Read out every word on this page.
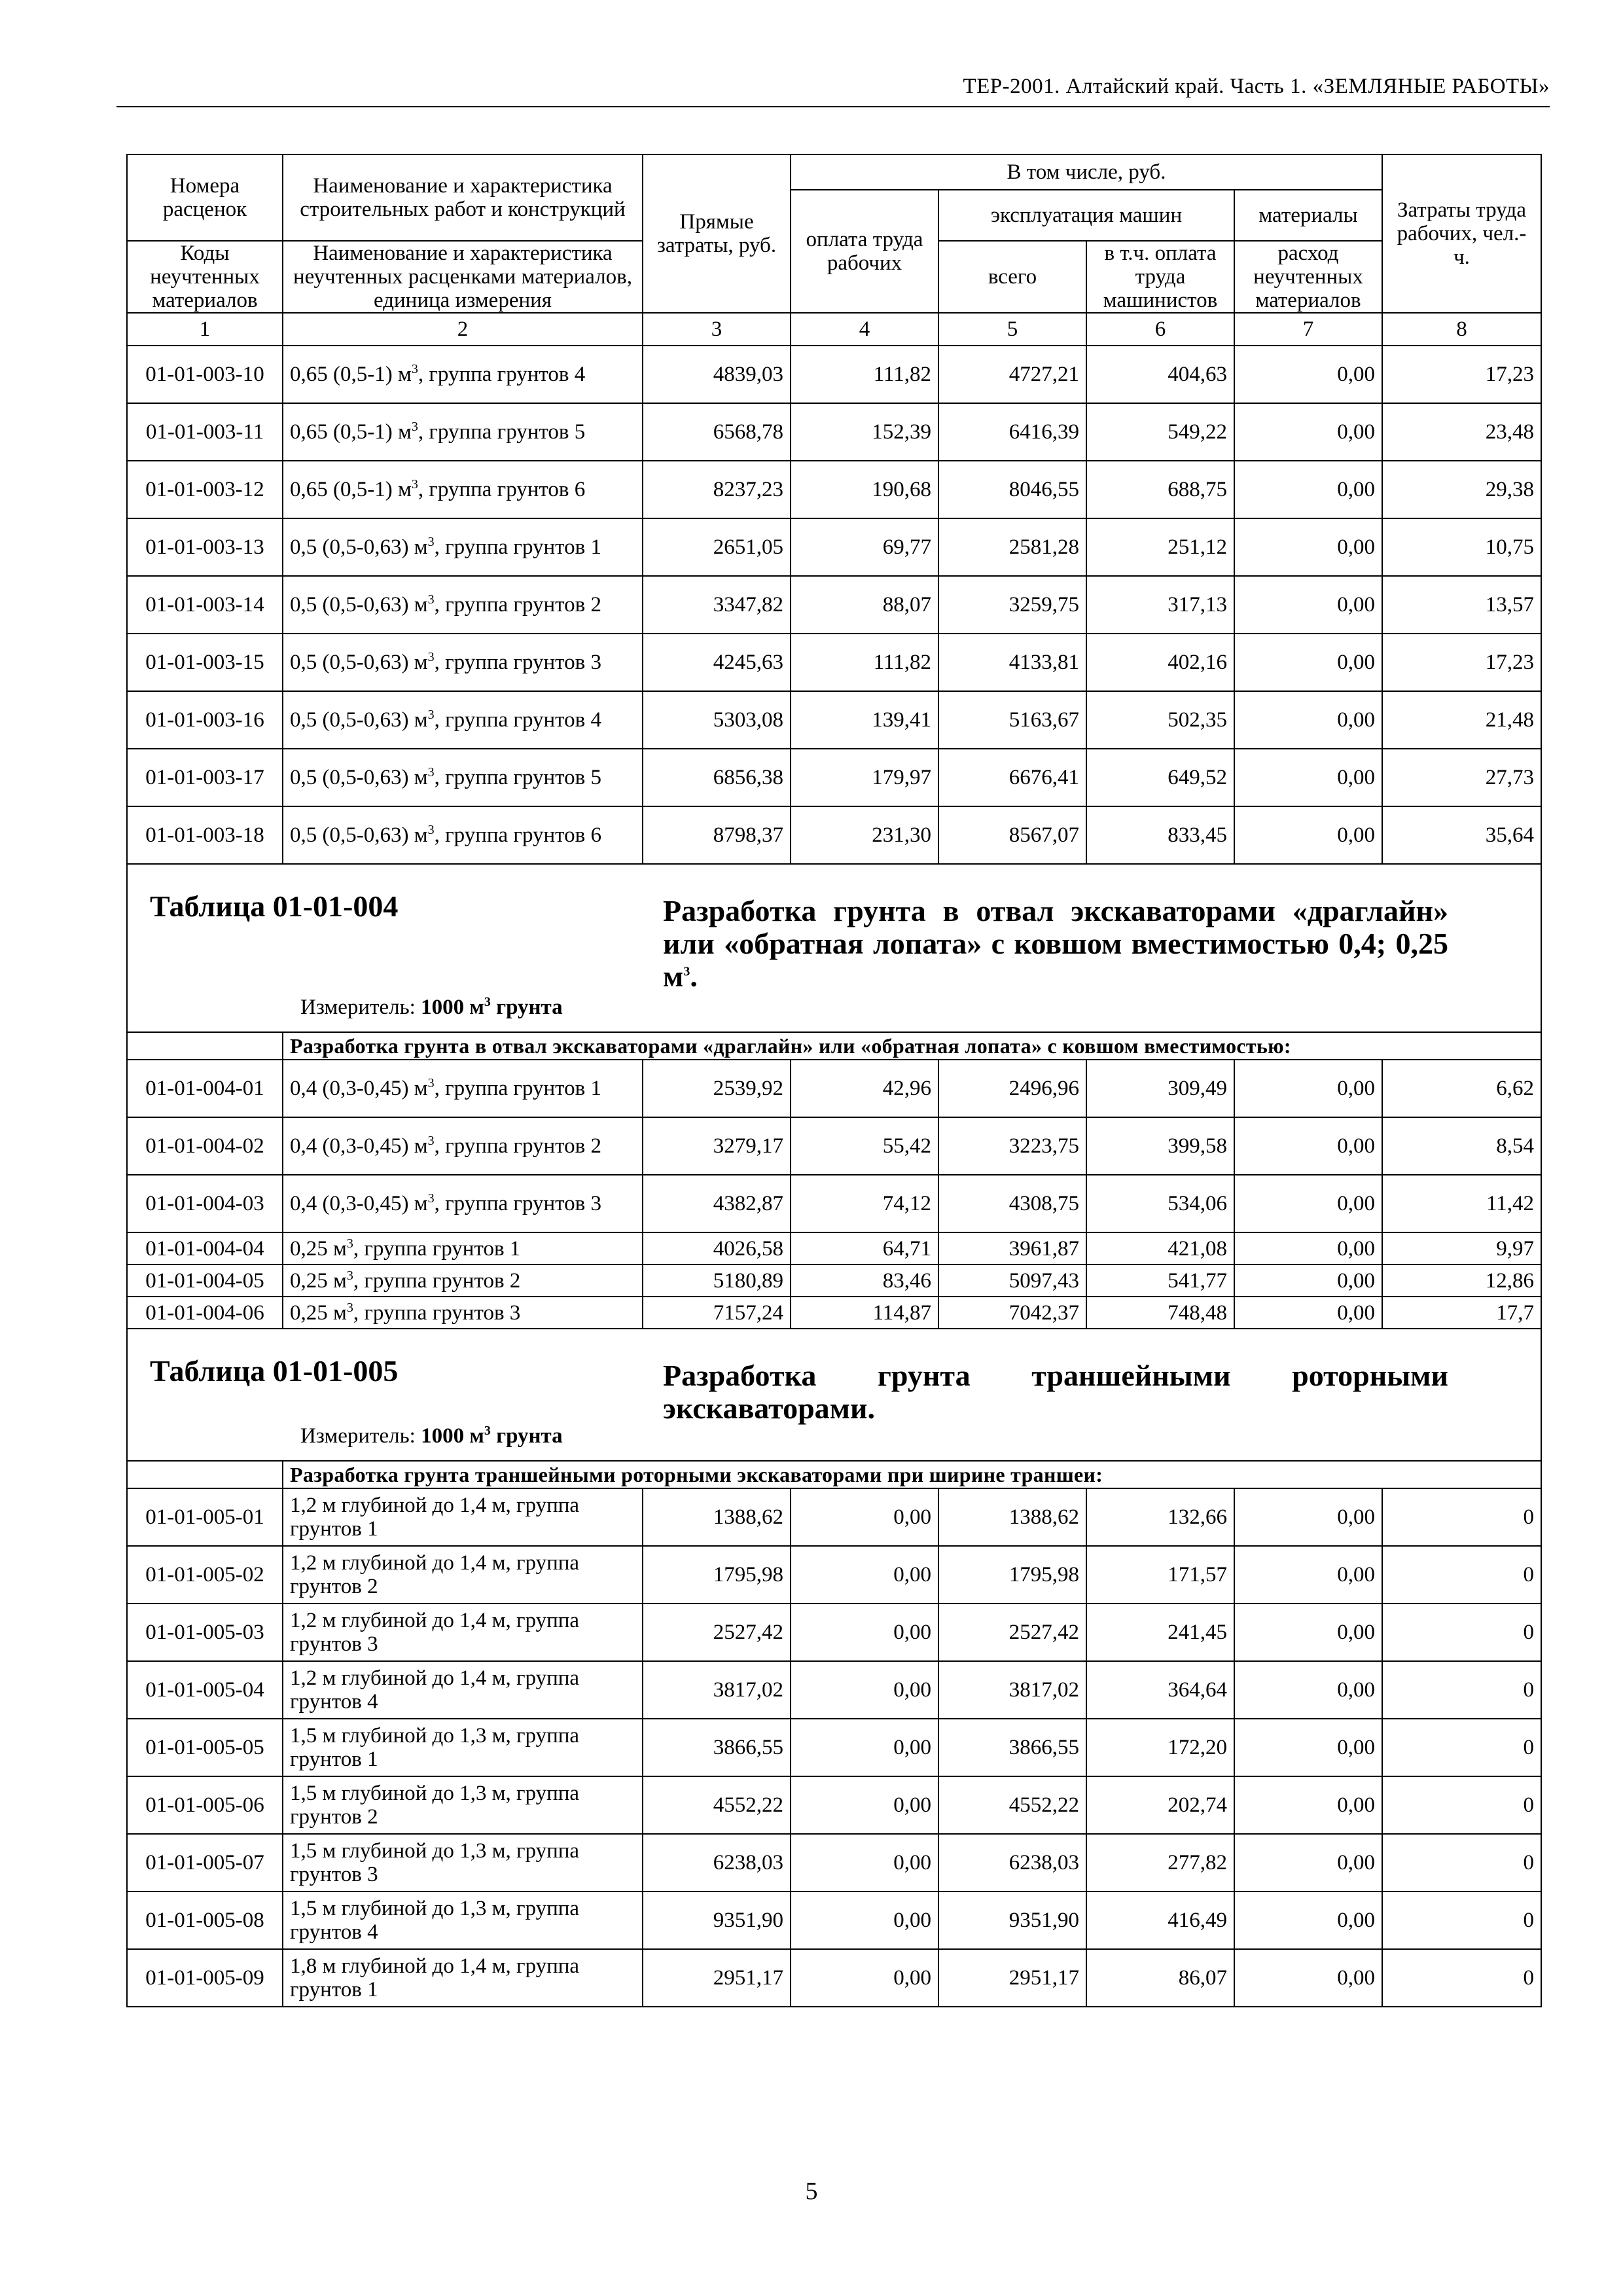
ТЕР-2001. Алтайский край. Часть 1. «ЗЕМЛЯНЫЕ РАБОТЫ»
Номера расценок	Наименование и характеристика строительных работ и конструкций	Прямые затраты, руб.	В том числе, руб.				Затраты труда рабочих, чел.-ч.
			оплата труда рабочих	эксплуатация машин		материалы	
Коды неучтенных материалов	Наименование и характеристика неучтенных расценками материалов, единица измерения			всего	в т.ч. оплата труда машинистов	расход неучтенных материалов	
1	2	3	4	5	6	7	8
01-01-003-10	0,65 (0,5-1) $м^3$, группа грунтов 4	4839,03	111,82	4727,21	404,63	0,00	17,23
01-01-003-11	0,65 (0,5-1) $м^3$, группа грунтов 5	6568,78	152,39	6416,39	549,22	0,00	23,48
01-01-003-12	0,65 (0,5-1) $м^3$, группа грунтов 6	8237,23	190,68	8046,55	688,75	0,00	29,38
01-01-003-13	0,5 (0,5-0,63) $м^3$, группа грунтов 1	2651,05	69,77	2581,28	251,12	0,00	10,75
01-01-003-14	0,5 (0,5-0,63) $м^3$, группа грунтов 2	3347,82	88,07	3259,75	317,13	0,00	13,57
01-01-003-15	0,5 (0,5-0,63) $м^3$, группа грунтов 3	4245,63	111,82	4133,81	402,16	0,00	17,23
01-01-003-16	0,5 (0,5-0,63) $м^3$, группа грунтов 4	5303,08	139,41	5163,67	502,35	0,00	21,48
01-01-003-17	0,5 (0,5-0,63) $м^3$, группа грунтов 5	6856,38	179,97	6676,41	649,52	0,00	27,73
01-01-003-18	0,5 (0,5-0,63) $м^3$, группа грунтов 6	8798,37	231,30	8567,07	833,45	0,00	35,64

Таблица 01-01-004 Разработка грунта в отвал экскаваторами «драглайн» или «обратная лопата» с ковшом вместимостью 0,4; 0,25 $м^3$.
Измеритель: 1000 $м^3$ грунта							

	Разработка грунта в отвал экскаваторами «драглайн» или «обратная лопата» с ковшом вместимостью:						
01-01-004-01	0,4 (0,3-0,45) $м^3$, группа грунтов 1	2539,92	42,96	2496,96	309,49	0,00	6,62
01-01-004-02	0,4 (0,3-0,45) $м^3$, группа грунтов 2	3279,17	55,42	3223,75	399,58	0,00	8,54
01-01-004-03	0,4 (0,3-0,45) $м^3$, группа грунтов 3	4382,87	74,12	4308,75	534,06	0,00	11,42
01-01-004-04	0,25 $м^3$, группа грунтов 1	4026,58	64,71	3961,87	421,08	0,00	9,97
01-01-004-05	0,25 $м^3$, группа грунтов 2	5180,89	83,46	5097,43	541,77	0,00	12,86
01-01-004-06	0,25 $м^3$, группа грунтов 3	7157,24	114,87	7042,37	748,48	0,00	17,7

Таблица 01-01-005 Разработка грунта траншейными роторными экскаваторами.
Измеритель: 1000 $м^3$ грунта							

	Разработка грунта траншейными роторными экскаваторами при ширине траншеи:						
01-01-005-01	1,2 м глубиной до 1,4 м, группа грунтов 1	1388,62	0,00	1388,62	132,66	0,00	0
01-01-005-02	1,2 м глубиной до 1,4 м, группа грунтов 2	1795,98	0,00	1795,98	171,57	0,00	0
01-01-005-03	1,2 м глубиной до 1,4 м, группа грунтов 3	2527,42	0,00	2527,42	241,45	0,00	0
01-01-005-04	1,2 м глубиной до 1,4 м, группа грунтов 4	3817,02	0,00	3817,02	364,64	0,00	0
01-01-005-05	1,5 м глубиной до 1,3 м, группа грунтов 1	3866,55	0,00	3866,55	172,20	0,00	0
01-01-005-06	1,5 м глубиной до 1,3 м, группа грунтов 2	4552,22	0,00	4552,22	202,74	0,00	0
01-01-005-07	1,5 м глубиной до 1,3 м, группа грунтов 3	6238,03	0,00	6238,03	277,82	0,00	0
01-01-005-08	1,5 м глубиной до 1,3 м, группа грунтов 4	9351,90	0,00	9351,90	416,49	0,00	0
01-01-005-09	1,8 м глубиной до 1,4 м, группа грунтов 1	2951,17	0,00	2951,17	86,07	0,00	0
5
